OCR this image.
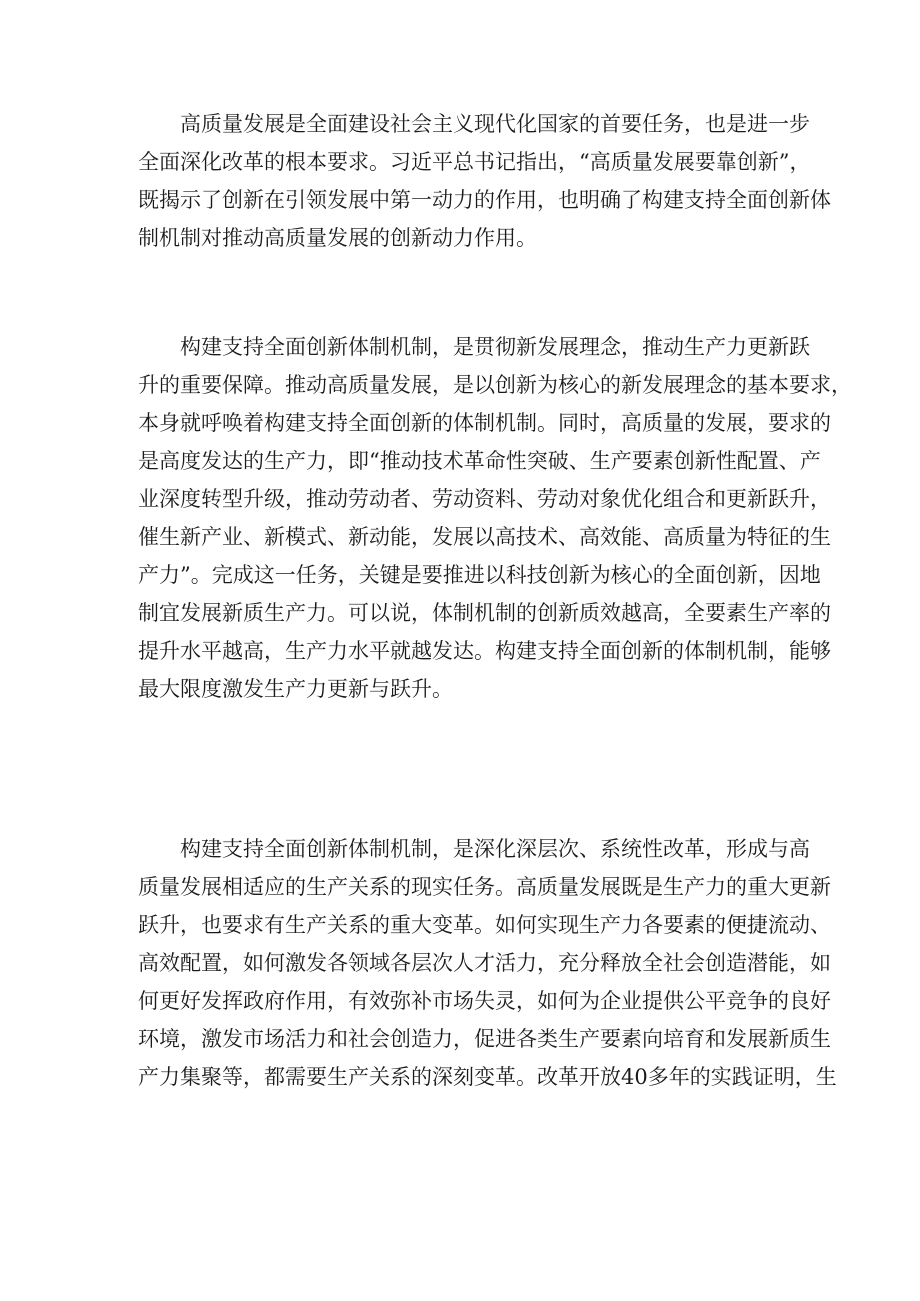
高质量发展是全面建设社会主义现代化国家的首要任务，也是进一步
全面深化改革的根本要求。习近平总书记指出，“高质量发展要靠创新”，
既揭示了创新在引领发展中第一动力的作用，也明确了构建支持全面创新体
制机制对推动高质量发展的创新动力作用。
构建支持全面创新体制机制，是贯彻新发展理念，推动生产力更新跃
升的重要保障。推动高质量发展，是以创新为核心的新发展理念的基本要求，
本身就呼唤着构建支持全面创新的体制机制。同时，高质量的发展，要求的
是高度发达的生产力，即“推动技术革命性突破、生产要素创新性配置、产
业深度转型升级，推动劳动者、劳动资料、劳动对象优化组合和更新跃升，
催生新产业、新模式、新动能，发展以高技术、高效能、高质量为特征的生
产力”。完成这一任务，关键是要推进以科技创新为核心的全面创新，因地
制宜发展新质生产力。可以说，体制机制的创新质效越高，全要素生产率的
提升水平越高，生产力水平就越发达。构建支持全面创新的体制机制，能够
最大限度激发生产力更新与跃升。
构建支持全面创新体制机制，是深化深层次、系统性改革，形成与高
质量发展相适应的生产关系的现实任务。高质量发展既是生产力的重大更新
跃升，也要求有生产关系的重大变革。如何实现生产力各要素的便捷流动、
高效配置，如何激发各领域各层次人才活力，充分释放全社会创造潜能，如
何更好发挥政府作用，有效弥补市场失灵，如何为企业提供公平竞争的良好
环境，激发市场活力和社会创造力，促进各类生产要素向培育和发展新质生
产力集聚等，都需要生产关系的深刻变革。改革开放40多年的实践证明，生
